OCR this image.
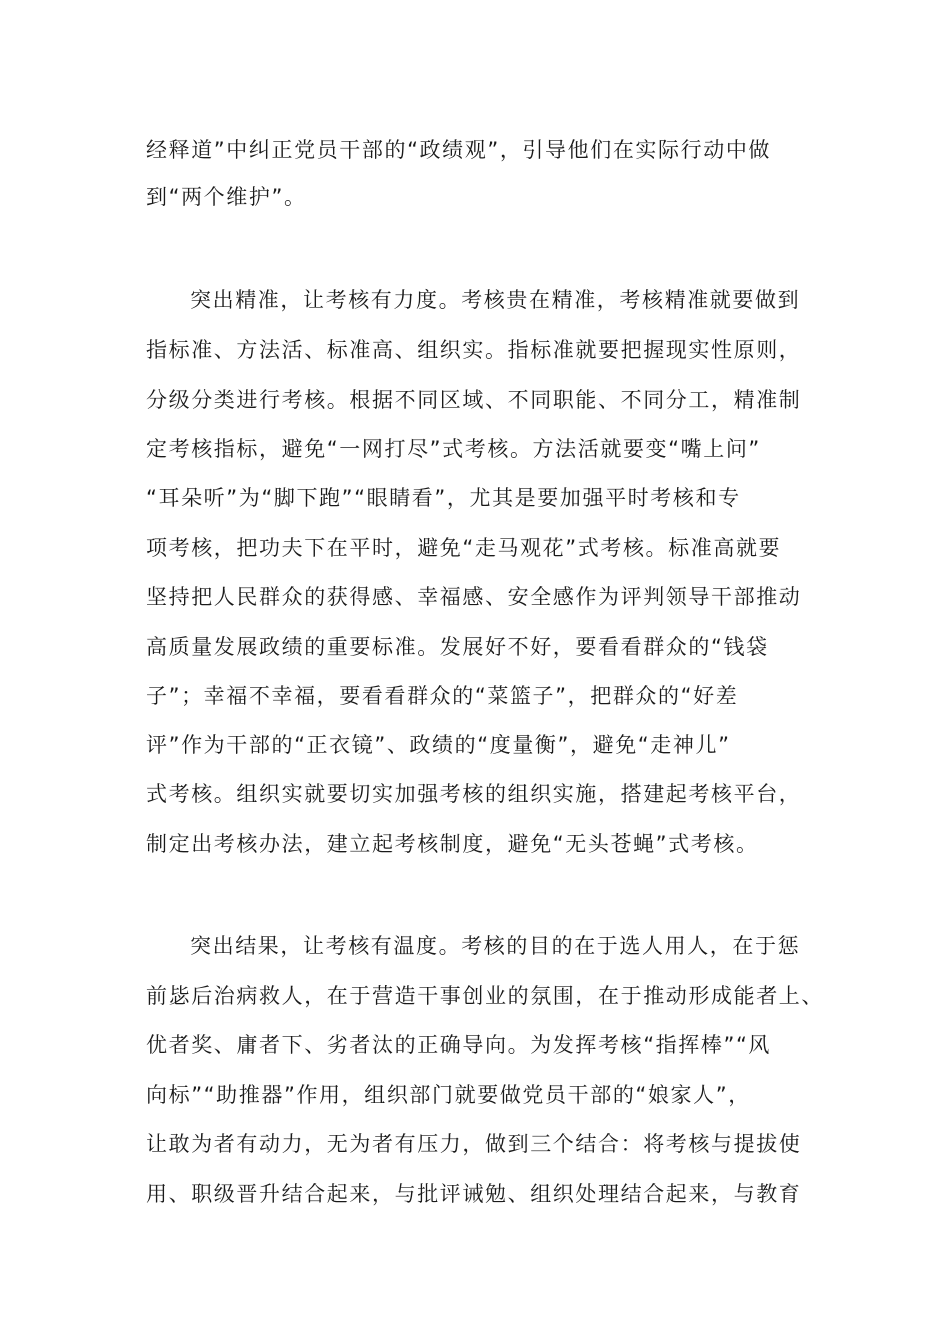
经释道”中纠正党员干部的“政绩观”，引导他们在实际行动中做
到“两个维护”。
突出精准，让考核有力度。考核贵在精准，考核精准就要做到
指标准、方法活、标准高、组织实。指标准就要把握现实性原则，
分级分类进行考核。根据不同区域、不同职能、不同分工，精准制
定考核指标，避免“一网打尽”式考核。方法活就要变“嘴上问”
“耳朵听”为“脚下跑”“眼睛看”，尤其是要加强平时考核和专
项考核，把功夫下在平时，避免“走马观花”式考核。标准高就要
坚持把人民群众的获得感、幸福感、安全感作为评判领导干部推动
高质量发展政绩的重要标准。发展好不好，要看看群众的“钱袋
子”；幸福不幸福，要看看群众的“菜篮子”，把群众的“好差
评”作为干部的“正衣镜”、政绩的“度量衡”，避免“走神儿”
式考核。组织实就要切实加强考核的组织实施，搭建起考核平台，
制定出考核办法，建立起考核制度，避免“无头苍蝇”式考核。
突出结果，让考核有温度。考核的目的在于选人用人，在于惩
前毖后治病救人，在于营造干事创业的氛围，在于推动形成能者上、
优者奖、庸者下、劣者汰的正确导向。为发挥考核“指挥棒”“风
向标”“助推器”作用，组织部门就要做党员干部的“娘家人”，
让敢为者有动力，无为者有压力，做到三个结合：将考核与提拔使
用、职级晋升结合起来，与批评诫勉、组织处理结合起来，与教育
